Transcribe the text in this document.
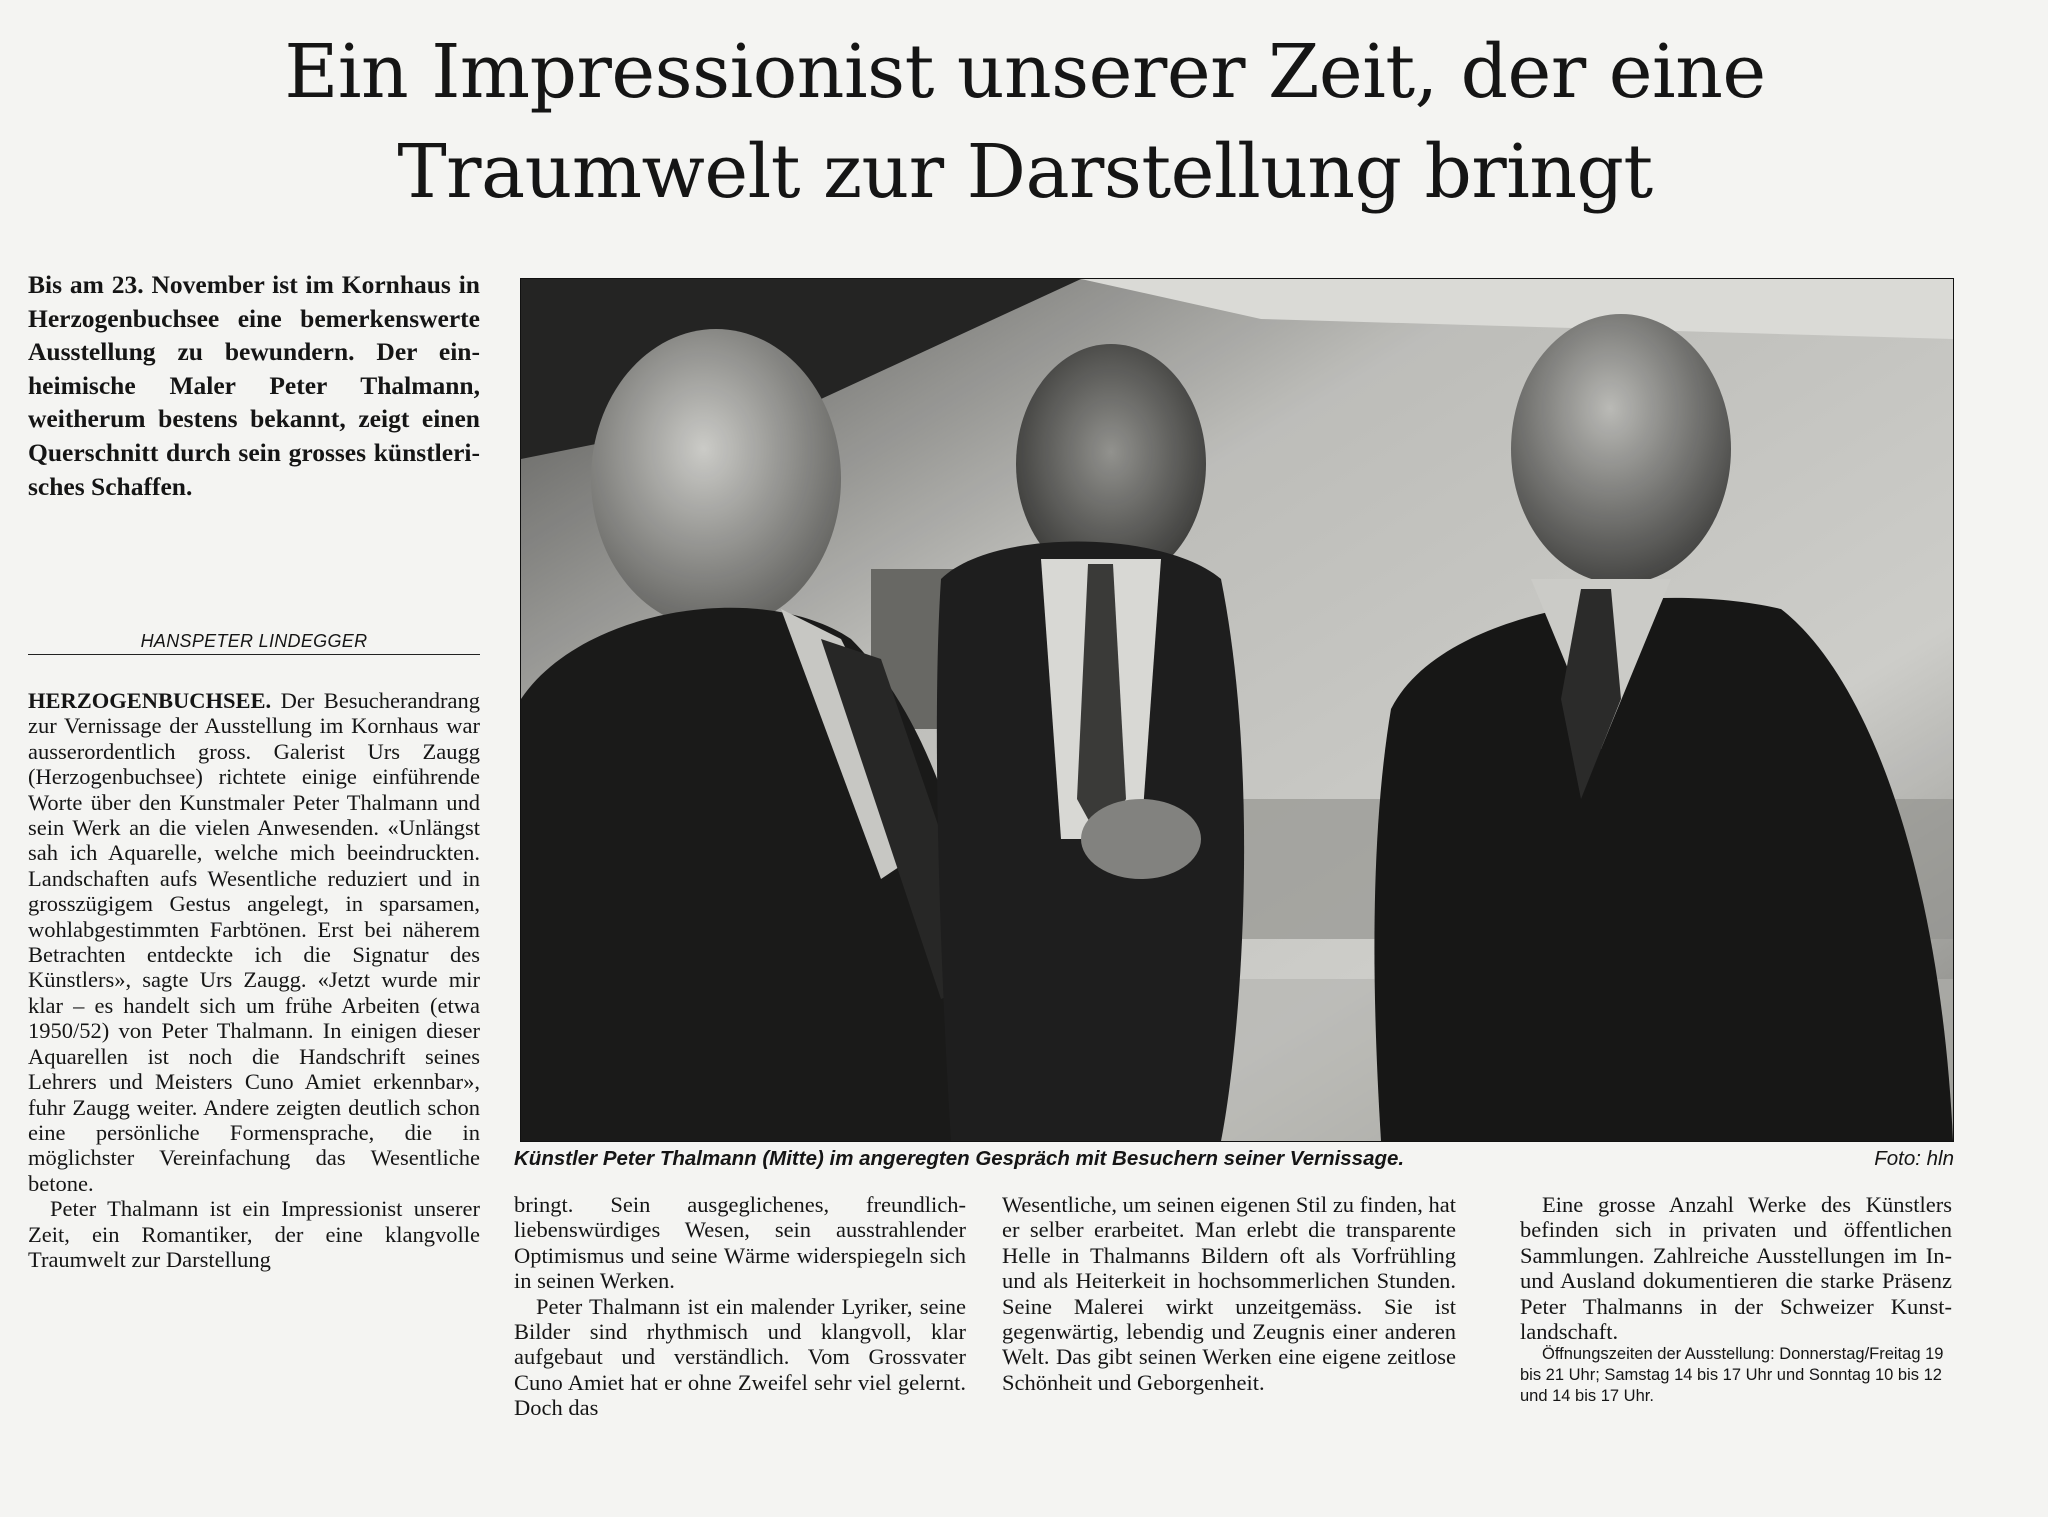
Ein Impressionist unserer Zeit, der eine
Traumwelt zur Darstellung bringt

Bis am 23. November ist im Kornhaus in Herzogenbuchsee eine bemerkenswerte Ausstellung zu bewundern. Der einheimische Maler Peter Thalmann, weitherum bestens bekannt, zeigt einen Querschnitt durch sein grosses künstlerisches Schaffen.

HANSPETER LINDEGGER

HERZOGENBUCHSEE. Der Besucherandrang zur Vernissage der Ausstellung im Kornhaus war ausserordentlich gross. Galerist Urs Zaugg (Herzogenbuchsee) richtete einige einführende Worte über den Kunstmaler Peter Thalmann und sein Werk an die vielen Anwesenden. «Unlängst sah ich Aquarelle, welche mich beeindruckten. Landschaften aufs Wesentliche reduziert und in grosszügigem Gestus angelegt, in sparsamen, wohlabgestimmten Farbtönen. Erst bei näherem Betrachten entdeckte ich die Signatur des Künstlers», sagte Urs Zaugg. «Jetzt wurde mir klar – es handelt sich um frühe Arbeiten (etwa 1950/52) von Peter Thalmann. In einigen dieser Aquarellen ist noch die Handschrift seines Lehrers und Meisters Cuno Amiet erkennbar», fuhr Zaugg weiter. Andere zeigten deutlich schon eine persönliche Formensprache, die in möglichster Vereinfachung das Wesentliche betone.

Peter Thalmann ist ein Impressionist unserer Zeit, ein Romantiker, der eine klangvolle Traumwelt zur Darstellung

Künstler Peter Thalmann (Mitte) im angeregten Gespräch mit Besuchern seiner Vernissage.	Foto: hln

bringt. Sein ausgeglichenes, freundlich-liebenswürdiges Wesen, sein ausstrahlender Optimismus und seine Wärme widerspiegeln sich in seinen Werken.

Peter Thalmann ist ein malender Lyriker, seine Bilder sind rhythmisch und klangvoll, klar aufgebaut und verständlich. Vom Grossvater Cuno Amiet hat er ohne Zweifel sehr viel gelernt. Doch das

Wesentliche, um seinen eigenen Stil zu finden, hat er selber erarbeitet. Man erlebt die transparente Helle in Thalmanns Bildern oft als Vorfrühling und als Heiterkeit in hochsommerlichen Stunden. Seine Malerei wirkt unzeitgemäss. Sie ist gegenwärtig, lebendig und Zeugnis einer anderen Welt. Das gibt seinen Werken eine eigene zeitlose Schönheit und Geborgenheit.

Eine grosse Anzahl Werke des Künstlers befinden sich in privaten und öffentlichen Sammlungen. Zahlreiche Ausstellungen im In- und Ausland dokumentieren die starke Präsenz Peter Thalmanns in der Schweizer Kunstlandschaft.

Öffnungszeiten der Ausstellung: Donnerstag/Freitag 19 bis 21 Uhr; Samstag 14 bis 17 Uhr und Sonntag 10 bis 12 und 14 bis 17 Uhr.
